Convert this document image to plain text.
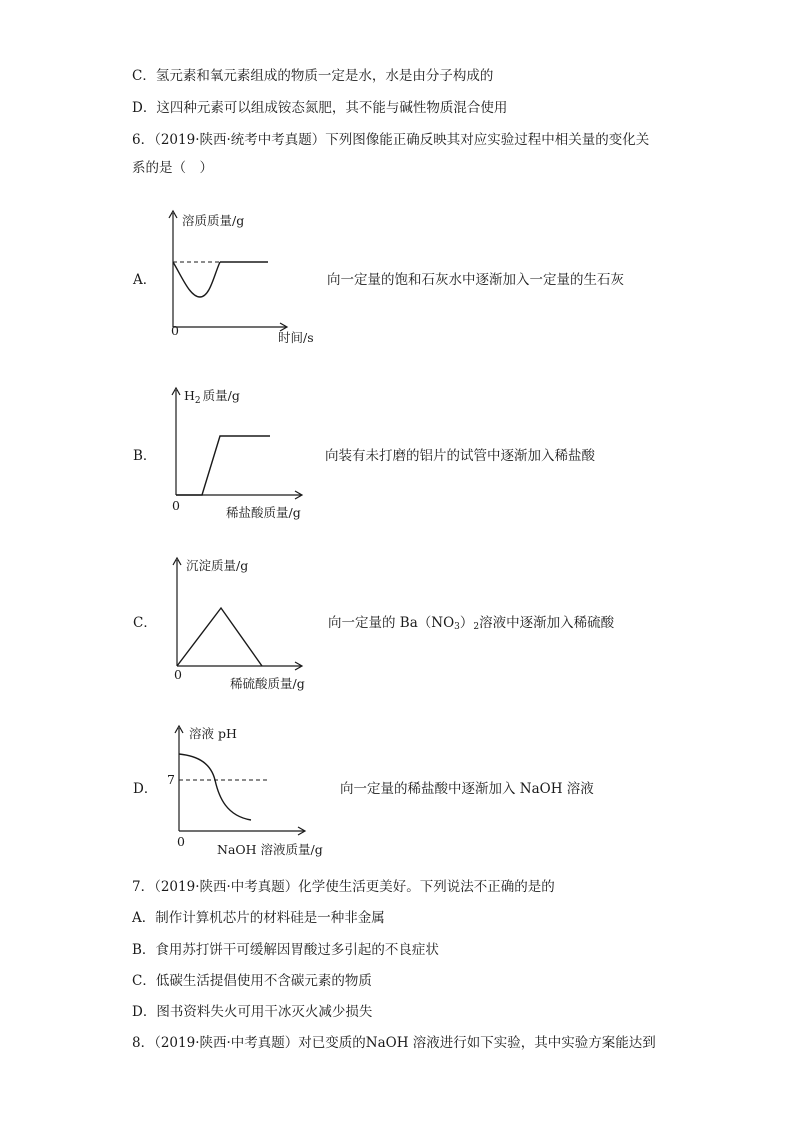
C．氢元素和氧元素组成的物质一定是水，水是由分子构成的
D．这四种元素可以组成铵态氮肥，其不能与碱性物质混合使用
6．（2019·陕西·统考中考真题）下列图像能正确反映其对应实验过程中相关量的变化关
系的是（　）
A．
溶质质量/g
0	时间/s
向一定量的饱和石灰水中逐渐加入一定量的生石灰
B．
$H_2$ 质量/g
0	稀盐酸质量/g
向装有未打磨的铝片的试管中逐渐加入稀盐酸
C．
沉淀质量/g
0
稀硫酸质量/g
向一定量的 $Ba(NO_3)_2$溶液中逐渐加入稀硫酸
D．
溶液 pH
7
0
NaOH 溶液质量/g
向一定量的稀盐酸中逐渐加入 NaOH 溶液
7．（2019·陕西·中考真题）化学使生活更美好。下列说法不正确的是的
A．制作计算机芯片的材料硅是一种非金属
B．食用苏打饼干可缓解因胃酸过多引起的不良症状
C．低碳生活提倡使用不含碳元素的物质
D．图书资料失火可用干冰灭火减少损失
8．（2019·陕西·中考真题）对已变质的NaOH 溶液进行如下实验，其中实验方案能达到
